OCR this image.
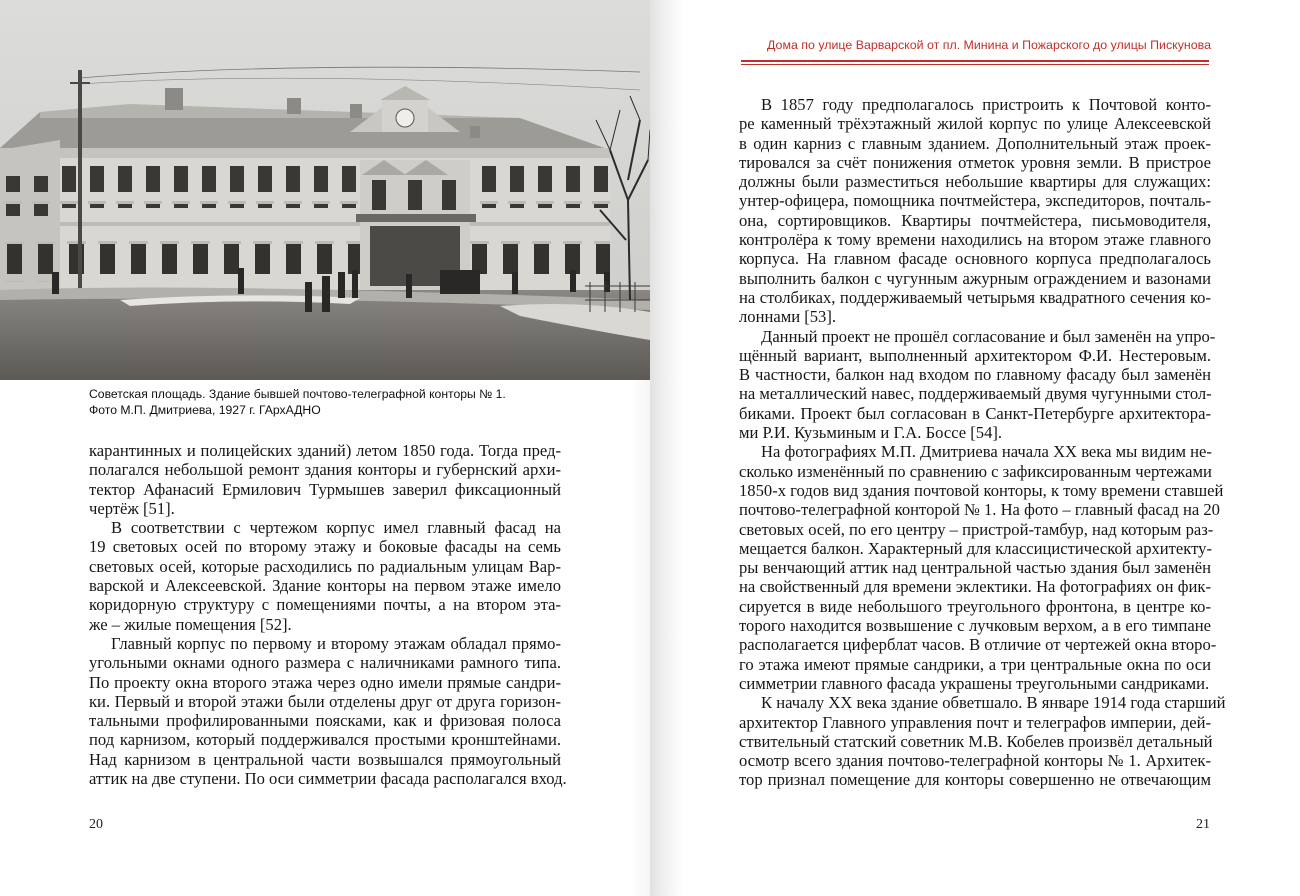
Советская площадь. Здание бывшей почтово-телеграфной конторы № 1.
Фото М.П. Дмитриева, 1927 г. ГАрхАДНО
карантинных и полицейских зданий) летом 1850 года. Тогда пред-
полагался небольшой ремонт здания конторы и губернский архи-
тектор Афанасий Ермилович Турмышев заверил фиксационный
чертёж [51].
В соответствии с чертежом корпус имел главный фасад на
19 световых осей по второму этажу и боковые фасады на семь
световых осей, которые расходились по радиальным улицам Вар-
варской и Алексеевской. Здание конторы на первом этаже имело
коридорную структуру с помещениями почты, а на втором эта-
же – жилые помещения [52].
Главный корпус по первому и второму этажам обладал прямо-
угольными окнами одного размера с наличниками рамного типа.
По проекту окна второго этажа через одно имели прямые сандри-
ки. Первый и второй этажи были отделены друг от друга горизон-
тальными профилированными поясками, как и фризовая полоса
под карнизом, который поддерживался простыми кронштейнами.
Над карнизом в центральной части возвышался прямоугольный
аттик на две ступени. По оси симметрии фасада располагался вход.
20
Дома по улице Варварской от пл. Минина и Пожарского до улицы Пискунова
В 1857 году предполагалось пристроить к Почтовой конто-
ре каменный трёхэтажный жилой корпус по улице Алексеевской
в один карниз с главным зданием. Дополнительный этаж проек-
тировался за счёт понижения отметок уровня земли. В пристрое
должны были разместиться небольшие квартиры для служащих:
унтер-офицера, помощника почтмейстера, экспедиторов, почталь-
она, сортировщиков. Квартиры почтмейстера, письмоводителя,
контролёра к тому времени находились на втором этаже главного
корпуса. На главном фасаде основного корпуса предполагалось
выполнить балкон с чугунным ажурным ограждением и вазонами
на столбиках, поддерживаемый четырьмя квадратного сечения ко-
лоннами [53].
Данный проект не прошёл согласование и был заменён на упро-
щённый вариант, выполненный архитектором Ф.И. Нестеровым.
В частности, балкон над входом по главному фасаду был заменён
на металлический навес, поддерживаемый двумя чугунными стол-
биками. Проект был согласован в Санкт-Петербурге архитектора-
ми Р.И. Кузьминым и Г.А. Боссе [54].
На фотографиях М.П. Дмитриева начала XX века мы видим не-
сколько изменённый по сравнению с зафиксированным чертежами
1850-х годов вид здания почтовой конторы, к тому времени ставшей
почтово-телеграфной конторой № 1. На фото – главный фасад на 20
световых осей, по его центру – пристрой-тамбур, над которым раз-
мещается балкон. Характерный для классицистической архитекту-
ры венчающий аттик над центральной частью здания был заменён
на свойственный для времени эклектики. На фотографиях он фик-
сируется в виде небольшого треугольного фронтона, в центре ко-
торого находится возвышение с лучковым верхом, а в его тимпане
располагается циферблат часов. В отличие от чертежей окна второ-
го этажа имеют прямые сандрики, а три центральные окна по оси
симметрии главного фасада украшены треугольными сандриками.
К началу XX века здание обветшало. В январе 1914 года старший
архитектор Главного управления почт и телеграфов империи, дей-
ствительный статский советник М.В. Кобелев произвёл детальный
осмотр всего здания почтово-телеграфной конторы № 1. Архитек-
тор признал помещение для конторы совершенно не отвечающим
21
